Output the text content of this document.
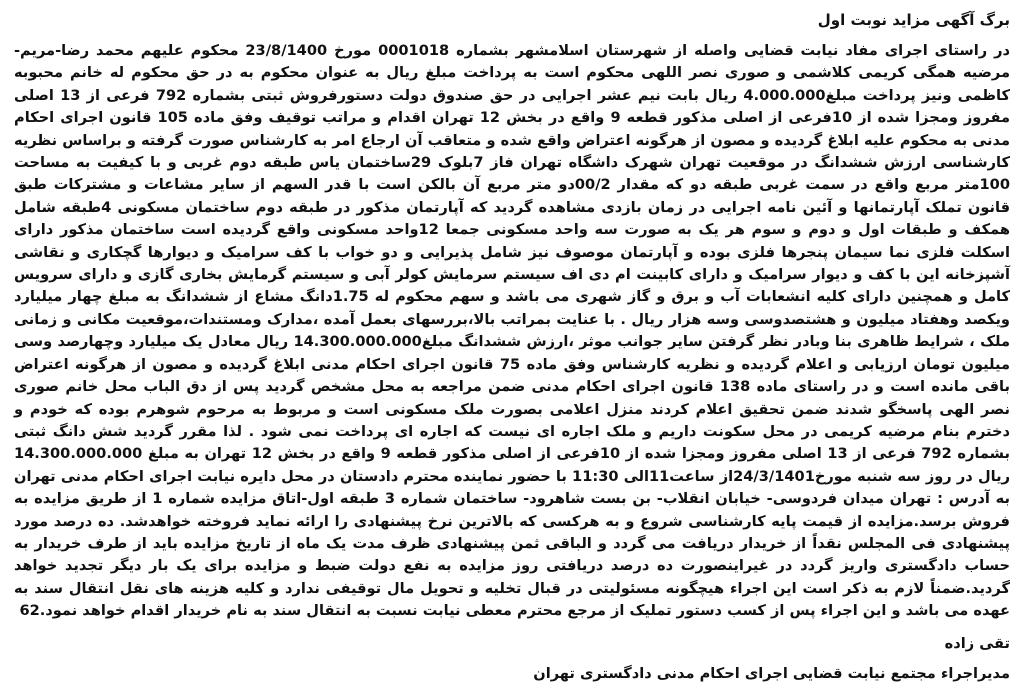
برگ آگهی مزاید نوبت اول

در راستای اجرای مفاد نیابت قضایی واصله از شهرستان اسلامشهر بشماره 0001018 مورخ 23/8/1400 محکوم علیهم محمد رضا-مریم-مرضیه همگی کریمی کلاشمی و صوری نصر اللهی محکوم است به پرداخت مبلغ ریال به عنوان محکوم به در حق محکوم له خانم محبوبه کاظمی ونیز پرداخت مبلغ4.000.000 ریال بابت نیم عشر اجرایی در حق صندوق دولت دستورفروش ثبتی بشماره 792 فرعی از 13 اصلی مفروز ومجزا شده از 10فرعی از اصلی مذکور قطعه 9 واقع در بخش 12 تهران اقدام و مراتب توقیف وفق ماده 105 قانون اجرای احکام مدنی به محکوم علیه ابلاغ گردیده و مصون از هرگونه اعتراض واقع شده و متعاقب آن ارجاع امر به کارشناس صورت گرفته و براساس نظریه کارشناسی ارزش ششدانگ در موقعیت تهران شهرک داشگاه تهران فاز 7بلوک 29ساختمان یاس طبقه دوم غربی و با کیفیت به مساحت 100متر مربع واقع در سمت غربی طبقه دو که مقدار 00/2دو متر مربع آن بالکن است با قدر السهم از سایر مشاعات و مشترکات طبق قانون تملک آپارتمانها و آئین نامه اجرایی در زمان بازدی مشاهده گردید که آپارتمان مذکور در طبقه دوم ساختمان مسکونی 4طبقه شامل همکف و طبقات اول و دوم و سوم هر یک به صورت سه واحد مسکونی جمعا 12واحد مسکونی واقع گردیده است ساختمان مذکور دارای اسکلت فلزی نما سیمان پنجرها فلزی بوده و آپارتمان موصوف نیز شامل پذیرایی و دو خواب با کف سرامیک و دیوارها گچکاری و نقاشی آشپزخانه این با کف و دیوار سرامیک و دارای کابینت ام دی اف سیستم سرمایش کولر آبی و سیستم گرمایش بخاری گازی و دارای سرویس کامل و همچنین دارای کلیه انشعابات آب و برق و گاز شهری می باشد و سهم محکوم له 1.75دانگ مشاع از ششدانگ به مبلغ چهار میلیارد ویکصد وهفتاد میلیون و هشتصدوسی وسه هزار ریال . با عنایت بمراتب بالا،بررسهای بعمل آمده ،مدارک ومستندات،موقعیت مکانی و زمانی ملک ، شرایط ظاهری بنا وبادر نظر گرفتن سایر جوانب موثر ،ارزش ششدانگ مبلغ14.300.000.000 ریال معادل یک میلیارد وچهارصد وسی میلیون تومان ارزیابی و اعلام گردیده و نظریه کارشناس وفق ماده 75 قانون اجرای احکام مدنی ابلاغ گردیده و مصون از هرگونه اعتراض باقی مانده است و در راستای ماده 138 قانون اجرای احکام مدنی ضمن مراجعه به محل مشخص گردید پس از دق الباب محل خانم صوری نصر الهی پاسخگو شدند ضمن تحقیق اعلام کردند منزل اعلامی بصورت ملک مسکونی است و مربوط به مرحوم شوهرم بوده که خودم و دخترم بنام مرضیه کریمی در محل سکونت داریم و ملک اجاره ای نیست که اجاره ای پرداخت نمی شود . لذا مقرر گردید شش دانگ ثبتی بشماره 792 فرعی از 13 اصلی مفروز ومجزا شده از 10فرعی از اصلی مذکور قطعه 9 واقع در بخش 12 تهران به مبلغ 14.300.000.000 ریال در روز سه شنبه مورخ24/3/1401از ساعت11الی 11:30 با حضور نماینده محترم دادستان در محل دایره نیابت اجرای احکام مدنی تهران به آدرس : تهران میدان فردوسی- خیابان انقلاب- بن بست شاهرود- ساختمان شماره 3 طبقه اول-اتاق مزایده شماره 1 از طریق مزایده به فروش برسد.مزایده از قیمت پایه کارشناسی شروع و به هرکسی که بالاترین نرخ پیشنهادی را ارائه نماید فروخته خواهدشد. ده درصد مورد پیشنهادی فی المجلس نقداً از خریدار دریافت می گردد و الباقی ثمن پیشنهادی ظرف مدت یک ماه از تاریخ مزایده باید از طرف خریدار به حساب دادگستری واریز گردد در غیراینصورت ده درصد دریافتی روز مزایده به نفع دولت ضبط و مزایده برای یک بار دیگر تجدید خواهد گردید.ضمناً لازم به ذکر است این اجراء هیچگونه مسئولیتی در قبال تخلیه و تحویل مال توقیفی ندارد و کلیه هزینه های نقل انتقال سند به عهده می باشد و این اجراء پس از کسب دستور تملیک از مرجع محترم معطی نیابت نسبت به انتقال سند به نام خریدار اقدام خواهد نمود.62

تقی زاده
مدیراجراء مجتمع نیابت قضایی اجرای احکام مدنی دادگستری تهران
